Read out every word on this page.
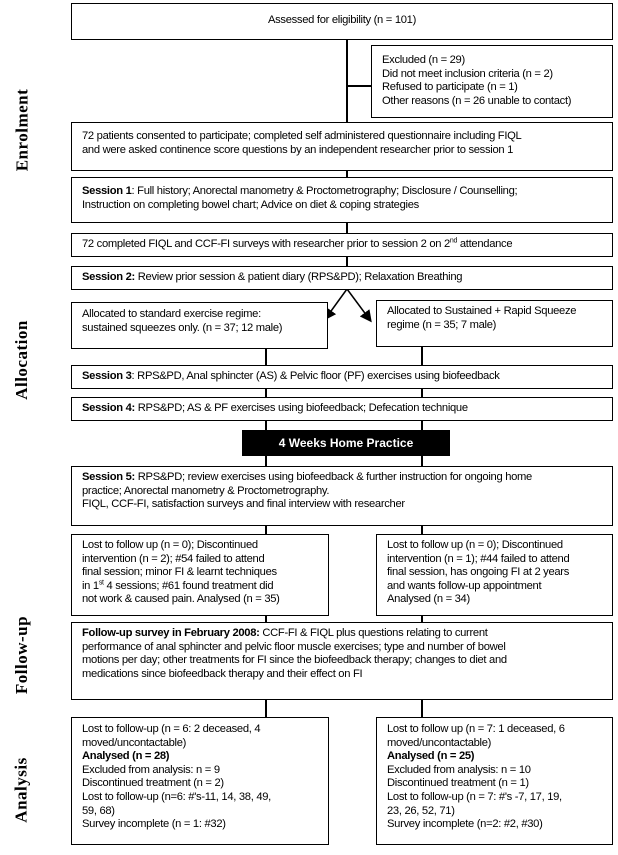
Enrolment
Allocation
Follow-up
Analysis
Assessed for eligibility (n = 101)
Excluded (n = 29)
Did not meet inclusion criteria (n = 2)
Refused to participate (n = 1)
Other reasons (n = 26 unable to contact)
72 patients consented to participate; completed self administered questionnaire including FIQL
and were asked continence score questions by an independent researcher prior to session 1
Session 1: Full history; Anorectal manometry & Proctometrography; Disclosure / Counselling;
Instruction on completing bowel chart; Advice on diet & coping strategies
72 completed FIQL and CCF-FI surveys with researcher prior to session 2 on 2nd attendance
Session 2: Review prior session & patient diary (RPS&PD); Relaxation Breathing
Allocated to standard exercise regime:
sustained squeezes only. (n = 37; 12 male)
Allocated to Sustained + Rapid Squeeze
regime (n = 35; 7 male)
Session 3: RPS&PD, Anal sphincter (AS) & Pelvic floor (PF) exercises using biofeedback
Session 4: RPS&PD; AS & PF exercises using biofeedback; Defecation technique
4 Weeks Home Practice
Session 5: RPS&PD; review exercises using biofeedback & further instruction for ongoing home
practice; Anorectal manometry & Proctometrography.
FIQL, CCF-FI, satisfaction surveys and final interview with researcher
Lost to follow up (n = 0); Discontinued
intervention (n = 2); #54 failed to attend
final session; minor FI & learnt techniques
in 1st 4 sessions; #61 found treatment did
not work & caused pain. Analysed (n = 35)
Lost to follow up (n = 0); Discontinued
intervention (n = 1); #44 failed to attend
final session, has ongoing FI at 2 years
and wants follow-up appointment
Analysed (n = 34)
Follow-up survey in February 2008: CCF-FI & FIQL plus questions relating to current
performance of anal sphincter and pelvic floor muscle exercises; type and number of bowel
motions per day; other treatments for FI since the biofeedback therapy; changes to diet and
medications since biofeedback therapy and their effect on FI
Lost to follow-up (n = 6: 2 deceased, 4
moved/uncontactable)
Analysed (n = 28)
Excluded from analysis: n = 9
Discontinued treatment (n = 2)
Lost to follow-up (n=6: #'s-11, 14, 38, 49,
59, 68)
Survey incomplete (n = 1: #32)
Lost to follow up (n = 7: 1 deceased, 6
moved/uncontactable)
Analysed (n = 25)
Excluded from analysis: n = 10
Discontinued treatment (n = 1)
Lost to follow-up (n = 7: #'s -7, 17, 19,
23, 26, 52, 71)
Survey incomplete (n=2: #2, #30)
